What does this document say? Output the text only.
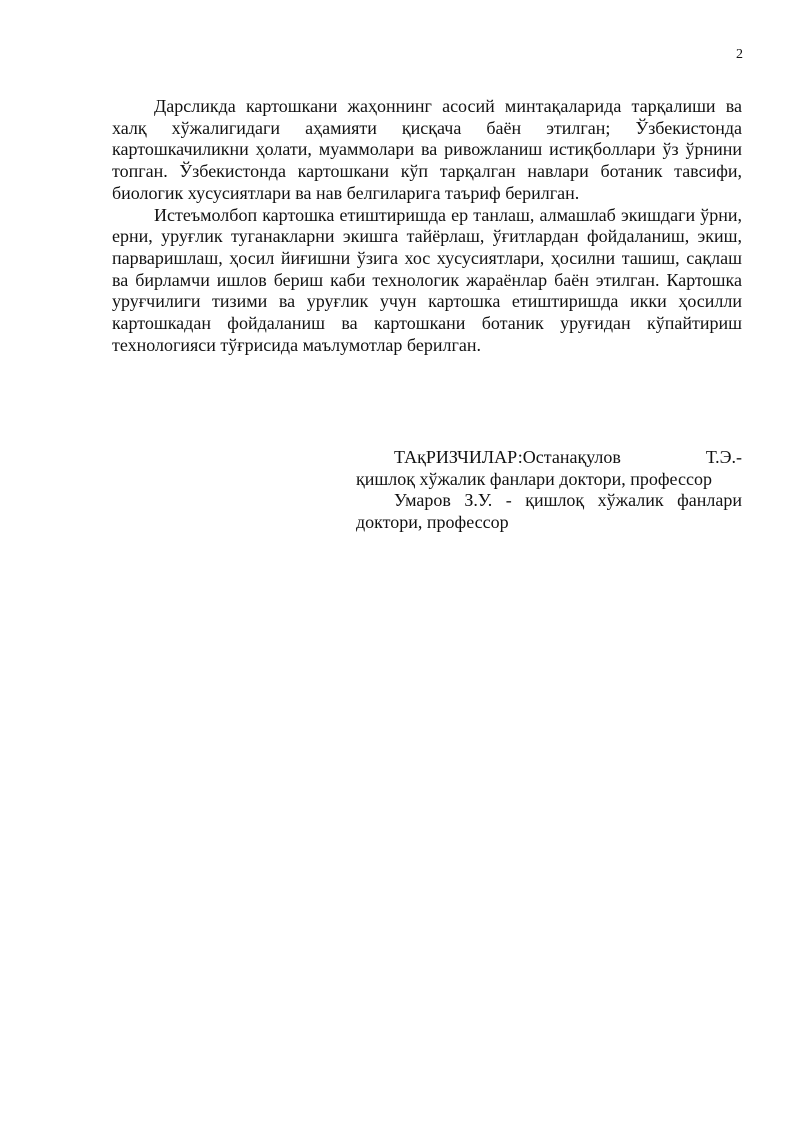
2

Дарсликда картошкани жаҳоннинг асосий минтақаларида тарқалиши ва халқ хўжалигидаги аҳамияти қисқача баён этилган; Ўзбекистонда картошкачиликни ҳолати, муаммолари ва ривожланиш истиқболлари ўз ўрнини топган. Ўзбекистонда картошкани кўп тарқалган навлари ботаник тавсифи, биологик хусусиятлари ва нав белгиларига таъриф берилган.

Истеъмолбоп картошка етиштиришда ер танлаш, алмашлаб экишдаги ўрни, ерни, уруғлик туганакларни экишга тайёрлаш, ўғитлардан фойдаланиш, экиш, парваришлаш, ҳосил йиғишни ўзига хос хусусиятлари, ҳосилни ташиш, сақлаш ва бирламчи ишлов бериш каби технологик жараёнлар баён этилган. Картошка уруғчилиги тизими ва уруғлик учун картошка етиштиришда икки ҳосилли картошкадан фойдаланиш ва картошкани ботаник уруғидан кўпайтириш технологияси тўғрисида маълумотлар берилган.

ТАқРИЗЧИЛАР:Останақулов	Т.Э.-

қишлоқ хўжалик фанлари доктори, профессор

Умаров З.У. - қишлоқ хўжалик фанлари доктори, профессор
